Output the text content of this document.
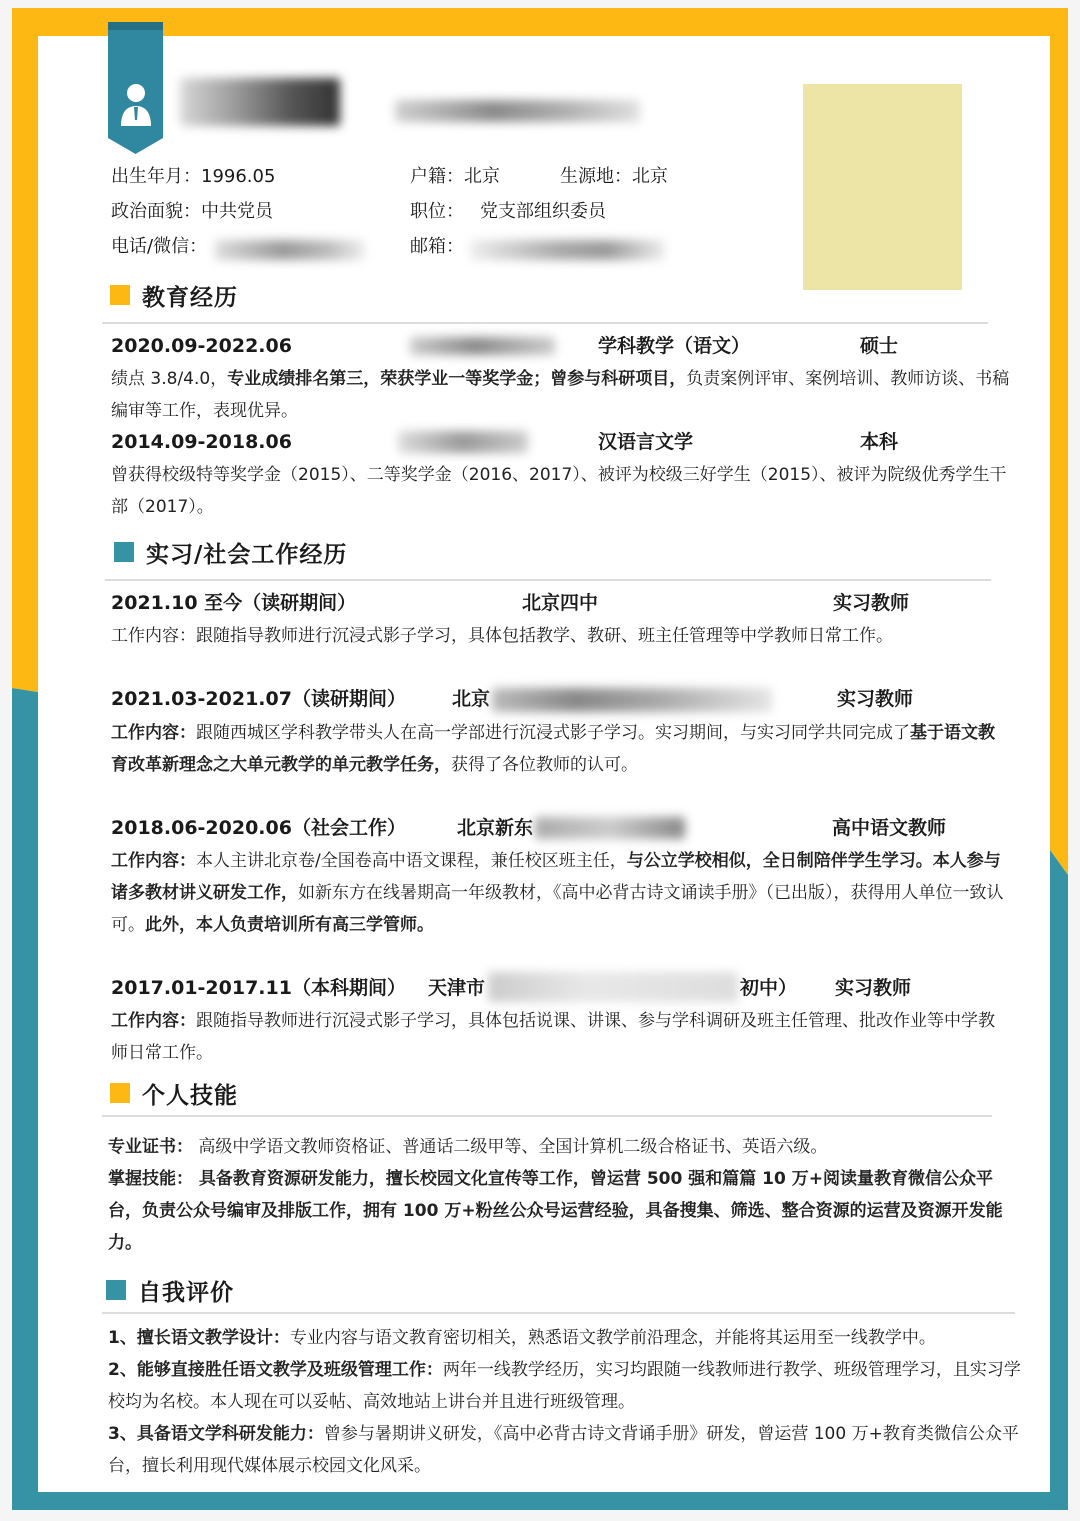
出生年月：1996.05	户籍：北京	生源地：北京
政治面貌：中共党员	职位： 党支部组织委员
电话/微信：	邮箱：
教育经历
2020.09-2022.06	学科教学（语文）	硕士
绩点 3.8/4.0，专业成绩排名第三，荣获学业一等奖学金；曾参与科研项目，负责案例评审、案例培训、教师访谈、书稿编审等工作，表现优异。
2014.09-2018.06	汉语言文学	本科
曾获得校级特等奖学金（2015）、二等奖学金（2016、2017）、被评为校级三好学生（2015）、被评为院级优秀学生干部（2017）。
实习/社会工作经历
2021.10 至今（读研期间）	北京四中	实习教师
工作内容：跟随指导教师进行沉浸式影子学习，具体包括教学、教研、班主任管理等中学教师日常工作。
2021.03-2021.07（读研期间） 北京	实习教师
工作内容：跟随西城区学科教学带头人在高一学部进行沉浸式影子学习。实习期间，与实习同学共同完成了基于语文教育改革新理念之大单元教学的单元教学任务，获得了各位教师的认可。
2018.06-2020.06（社会工作）	北京新东	高中语文教师
工作内容：本人主讲北京卷/全国卷高中语文课程，兼任校区班主任，与公立学校相似，全日制陪伴学生学习。本人参与诸多教材讲义研发工作，如新东方在线暑期高一年级教材，《高中必背古诗文诵读手册》（已出版），获得用人单位一致认可。此外，本人负责培训所有高三学管师。
2017.01-2017.11（本科期间） 天津市	初中） 实习教师
工作内容：跟随指导教师进行沉浸式影子学习，具体包括说课、讲课、参与学科调研及班主任管理、批改作业等中学教师日常工作。
个人技能
专业证书： 高级中学语文教师资格证、普通话二级甲等、全国计算机二级合格证书、英语六级。
掌握技能： 具备教育资源研发能力，擅长校园文化宣传等工作，曾运营 500 强和篇篇 10 万+阅读量教育微信公众平台，负责公众号编审及排版工作，拥有 100 万+粉丝公众号运营经验，具备搜集、筛选、整合资源的运营及资源开发能力。
自我评价
1、擅长语文教学设计：专业内容与语文教育密切相关，熟悉语文教学前沿理念，并能将其运用至一线教学中。
2、能够直接胜任语文教学及班级管理工作：两年一线教学经历，实习均跟随一线教师进行教学、班级管理学习，且实习学校均为名校。本人现在可以妥帖、高效地站上讲台并且进行班级管理。
3、具备语文学科研发能力：曾参与暑期讲义研发，《高中必背古诗文背诵手册》研发，曾运营 100 万+教育类微信公众平台，擅长利用现代媒体展示校园文化风采。
